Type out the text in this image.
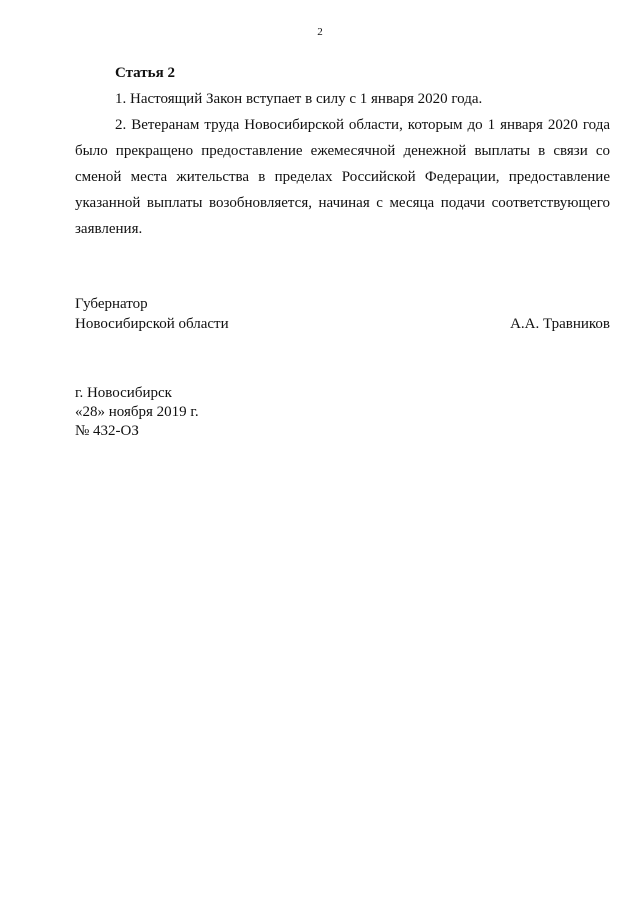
2

Статья 2

1. Настоящий Закон вступает в силу с 1 января 2020 года.

2. Ветеранам труда Новосибирской области, которым до 1 января 2020 года было прекращено предоставление ежемесячной денежной выплаты в связи со сменой места жительства в пределах Российской Федерации, предоставление указанной выплаты возобновляется, начиная с месяца подачи соответствующего заявления.

Губернатор
Новосибирской области	А.А. Травников
г. Новосибирск
«28» ноября 2019 г.
№ 432-ОЗ
